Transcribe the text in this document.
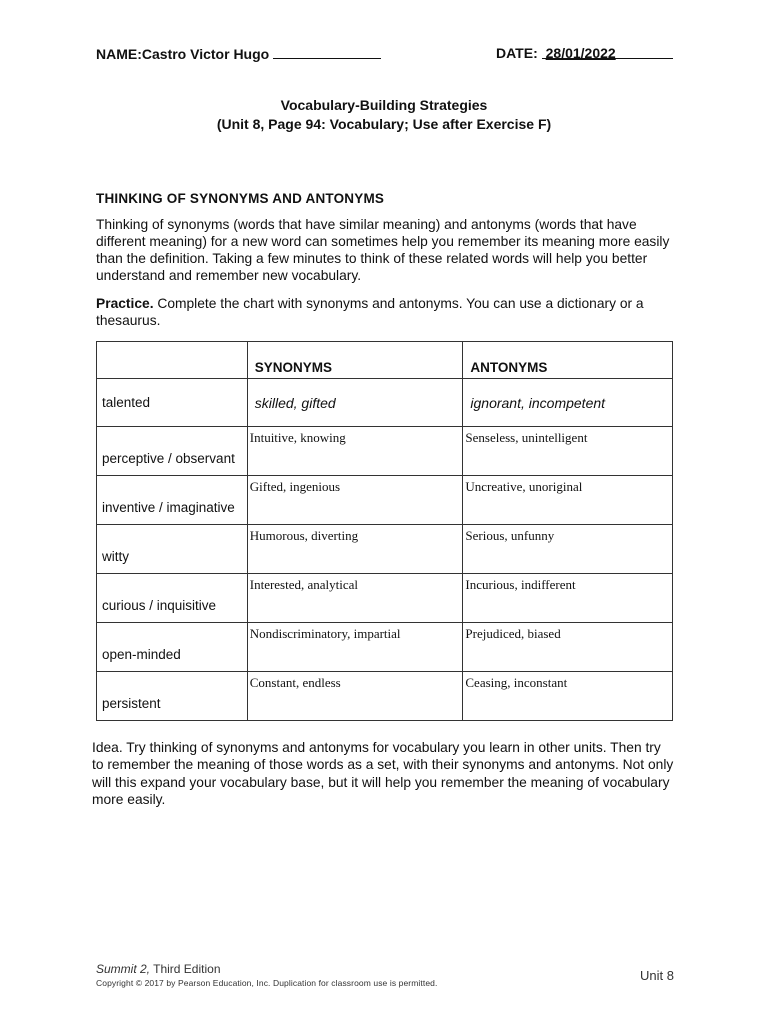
NAME:Castro Victor Hugo	DATE: 28/01/2022
Vocabulary-Building Strategies
(Unit 8, Page 94: Vocabulary; Use after Exercise F)
THINKING OF SYNONYMS AND ANTONYMS

Thinking of synonyms (words that have similar meaning) and antonyms (words that have different meaning) for a new word can sometimes help you remember its meaning more easily than the definition. Taking a few minutes to think of these related words will help you better understand and remember new vocabulary.

Practice. Complete the chart with synonyms and antonyms. You can use a dictionary or a thesaurus.

	SYNONYMS	ANTONYMS
talented	skilled, gifted	ignorant, incompetent
perceptive / observant	Intuitive, knowing	Senseless, unintelligent
inventive / imaginative	Gifted, ingenious	Uncreative, unoriginal
witty	Humorous, diverting	Serious, unfunny
curious / inquisitive	Interested, analytical	Incurious, indifferent
open-minded	Nondiscriminatory, impartial	Prejudiced, biased
persistent	Constant, endless	Ceasing, inconstant

Idea. Try thinking of synonyms and antonyms for vocabulary you learn in other units. Then try to remember the meaning of those words as a set, with their synonyms and antonyms. Not only will this expand your vocabulary base, but it will help you remember the meaning of vocabulary more easily.

Summit 2, Third Edition
Copyright © 2017 by Pearson Education, Inc. Duplication for classroom use is permitted.	Unit 8
